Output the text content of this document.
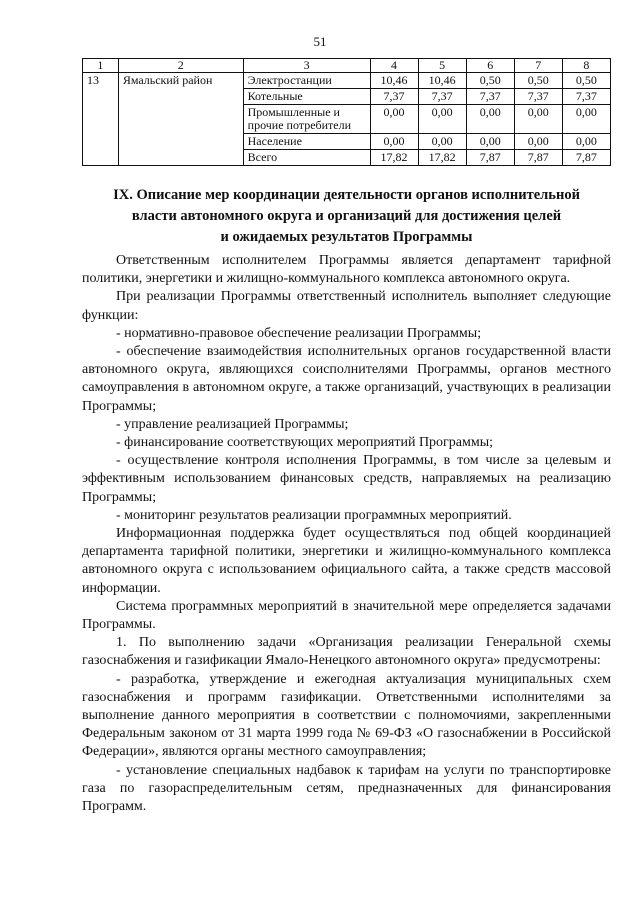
51
1	2	3	4	5	6	7	8
13	Ямальский район	Электростанции	10,46	10,46	0,50	0,50	0,50
		Котельные	7,37	7,37	7,37	7,37	7,37
		Промышленные и прочие потребители	0,00	0,00	0,00	0,00	0,00
		Население	0,00	0,00	0,00	0,00	0,00
		Всего	17,82	17,82	7,87	7,87	7,87
IX. Описание мер координации деятельности органов исполнительной
власти автономного округа и организаций для достижения целей
и ожидаемых результатов Программы

Ответственным исполнителем Программы является департамент тарифной политики, энергетики и жилищно-коммунального комплекса автономного округа.

При реализации Программы ответственный исполнитель выполняет следующие функции:

- нормативно-правовое обеспечение реализации Программы;

- обеспечение взаимодействия исполнительных органов государственной власти автономного округа, являющихся соисполнителями Программы, органов местного самоуправления в автономном округе, а также организаций, участвующих в реализации Программы;

- управление реализацией Программы;

- финансирование соответствующих мероприятий Программы;

- осуществление контроля исполнения Программы, в том числе за целевым и эффективным использованием финансовых средств, направляемых на реализацию Программы;

- мониторинг результатов реализации программных мероприятий.

Информационная поддержка будет осуществляться под общей координацией департамента тарифной политики, энергетики и жилищно-коммунального комплекса автономного округа с использованием официального сайта, а также средств массовой информации.

Система программных мероприятий в значительной мере определяется задачами Программы.

1. По выполнению задачи «Организация реализации Генеральной схемы газоснабжения и газификации Ямало-Ненецкого автономного округа» предусмотрены:

- разработка, утверждение и ежегодная актуализация муниципальных схем газоснабжения и программ газификации. Ответственными исполнителями за выполнение данного мероприятия в соответствии с полномочиями, закрепленными Федеральным законом от 31 марта 1999 года № 69-ФЗ «О газоснабжении в Российской Федерации», являются органы местного самоуправления;

- установление специальных надбавок к тарифам на услуги по транспортировке газа по газораспределительным сетям, предназначенных для финансирования Программ.
